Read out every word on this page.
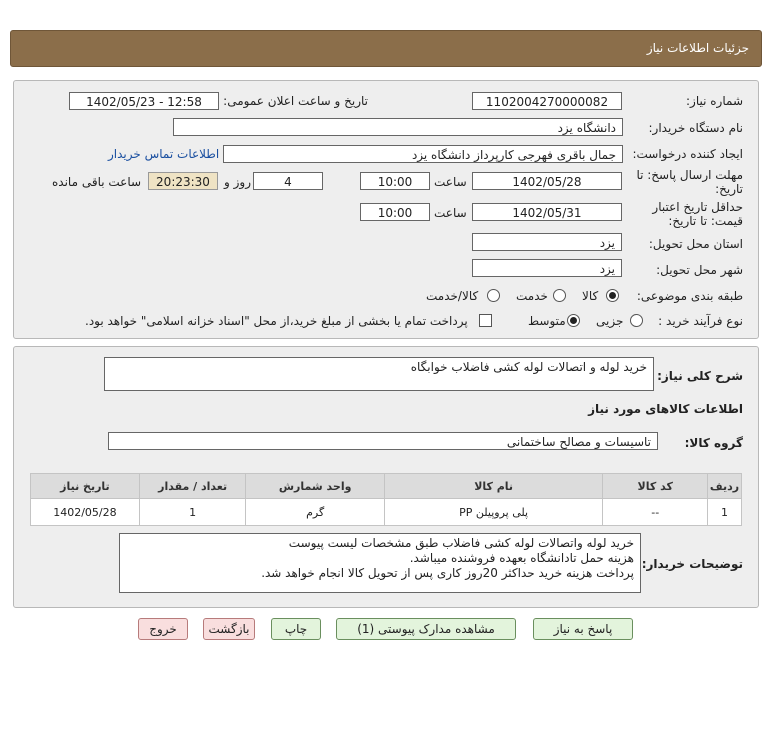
جزئیات اطلاعات نیاز
شماره نیاز:
1102004270000082
تاریخ و ساعت اعلان عمومی:
1402/05/23 - 12:58
نام دستگاه خریدار:
دانشگاه یزد
ایجاد کننده درخواست:
جمال باقری فهرجی کارپرداز دانشگاه یزد
اطلاعات تماس خریدار
مهلت ارسال پاسخ: تا
تاریخ:
1402/05/28
ساعت
10:00
4
روز و
20:23:30
ساعت باقی مانده
حداقل تاریخ اعتبار
قیمت: تا تاریخ:
1402/05/31
ساعت
10:00
استان محل تحویل:
یزد
شهر محل تحویل:
یزد
طبقه بندی موضوعی:
کالا
خدمت
کالا/خدمت
نوع فرآیند خرید :
جزیی
متوسط
پرداخت تمام یا بخشی از مبلغ خرید،از محل "اسناد خزانه اسلامی" خواهد بود.
شرح کلی نیاز:
خرید لوله و اتصالات لوله کشی فاضلاب خوابگاه
اطلاعات کالاهای مورد نیاز
گروه کالا:
تاسیسات و مصالح ساختمانی
ردیف	کد کالا	نام کالا	واحد شمارش	تعداد / مقدار	تاریخ نیاز
1	--	پلی پروپیلن PP	گرم	1	1402/05/28
توضیحات خریدار:
خرید لوله واتصالات لوله کشی فاضلاب طبق مشخصات لیست پیوست
هزینه حمل تادانشگاه بعهده فروشنده میباشد.
پرداخت هزینه خرید حداکثر 20روز کاری پس از تحویل کالا انجام خواهد شد.
پاسخ به نیاز
مشاهده مدارک پیوستی (1)
چاپ
بازگشت
خروج
